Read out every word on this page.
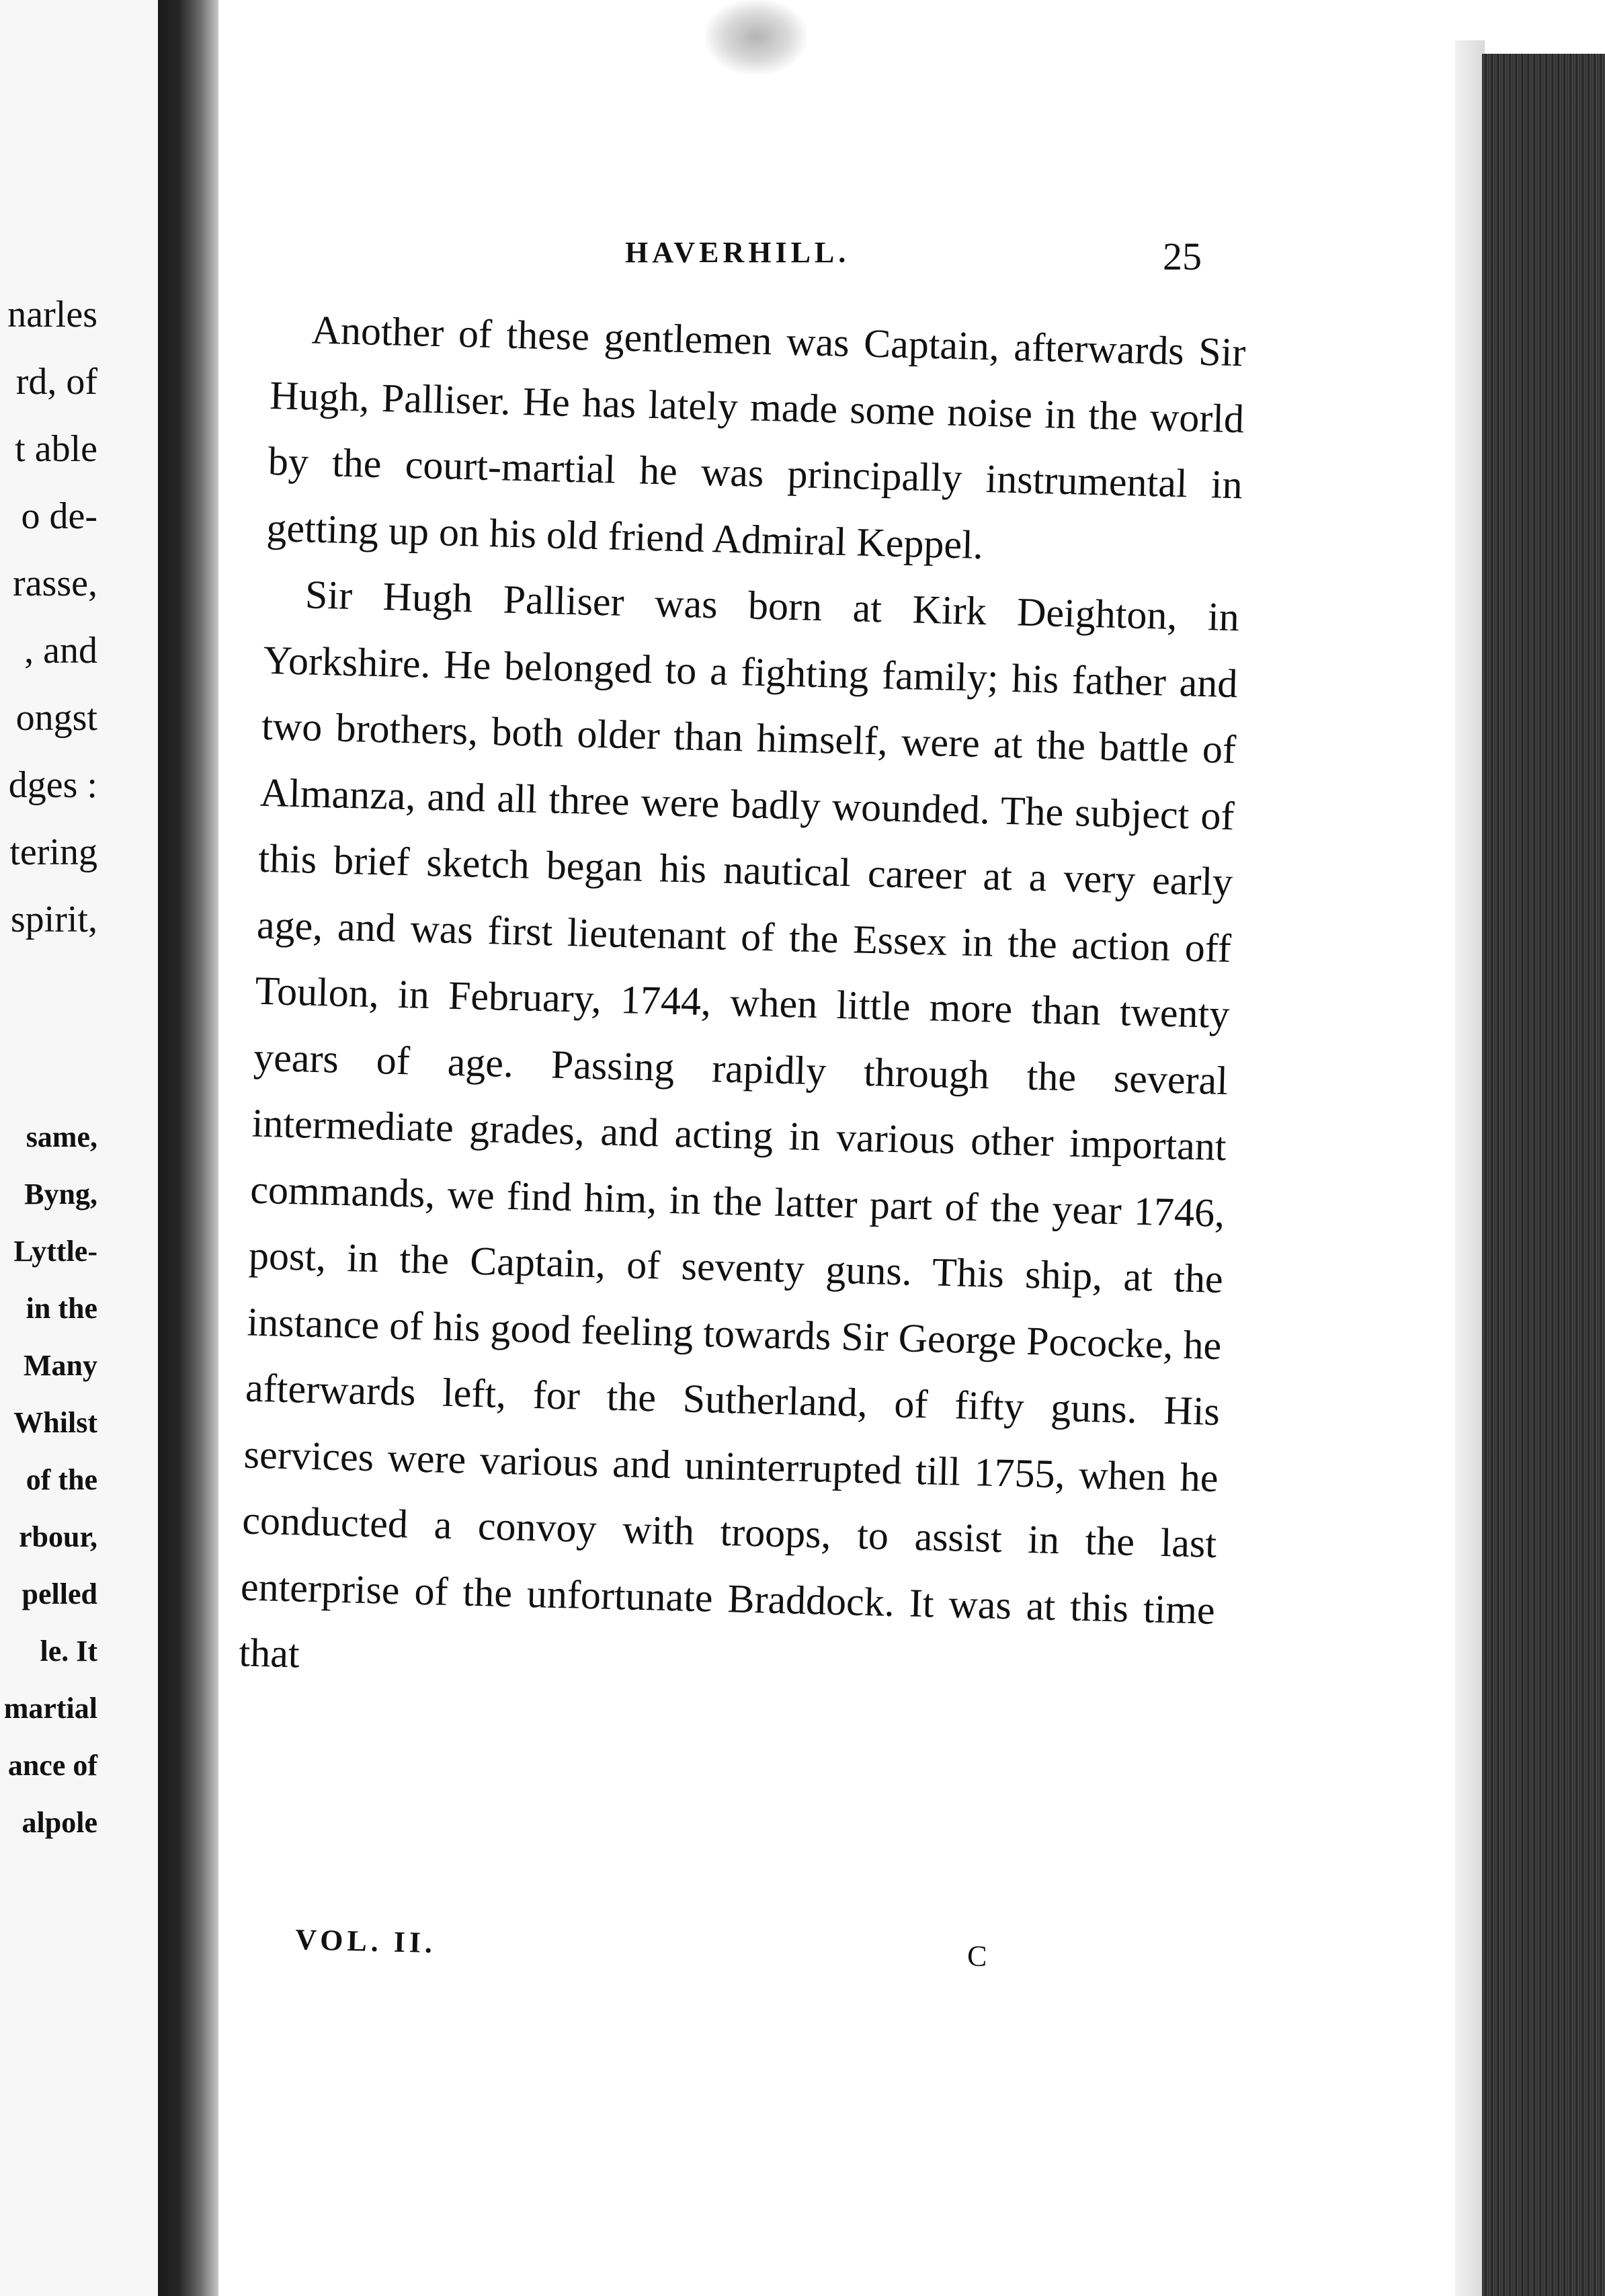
narles
rd, of
t able
o de-
rasse,
, and
ongst
dges :
tering
spirit,
same,
Byng,
Lyttle-
in the
Many
Whilst
of the
rbour,
pelled
le. It
martial
ance of
alpole
HAVERHILL.	25

Another of these gentlemen was Captain, afterwards Sir Hugh, Palliser. He has lately made some noise in the world by the court-martial he was principally instrumental in getting up on his old friend Admiral Keppel.

Sir Hugh Palliser was born at Kirk Deighton, in Yorkshire. He belonged to a fighting family; his father and two brothers, both older than himself, were at the battle of Almanza, and all three were badly wounded. The subject of this brief sketch began his nautical career at a very early age, and was first lieutenant of the Essex in the action off Toulon, in February, 1744, when little more than twenty years of age. Passing rapidly through the several intermediate grades, and acting in various other important commands, we find him, in the latter part of the year 1746, post, in the Captain, of seventy guns. This ship, at the instance of his good feeling towards Sir George Pococke, he afterwards left, for the Sutherland, of fifty guns. His services were various and uninterrupted till 1755, when he conducted a convoy with troops, to assist in the last enterprise of the unfortunate Braddock. It was at this time that

VOL. II.	C
